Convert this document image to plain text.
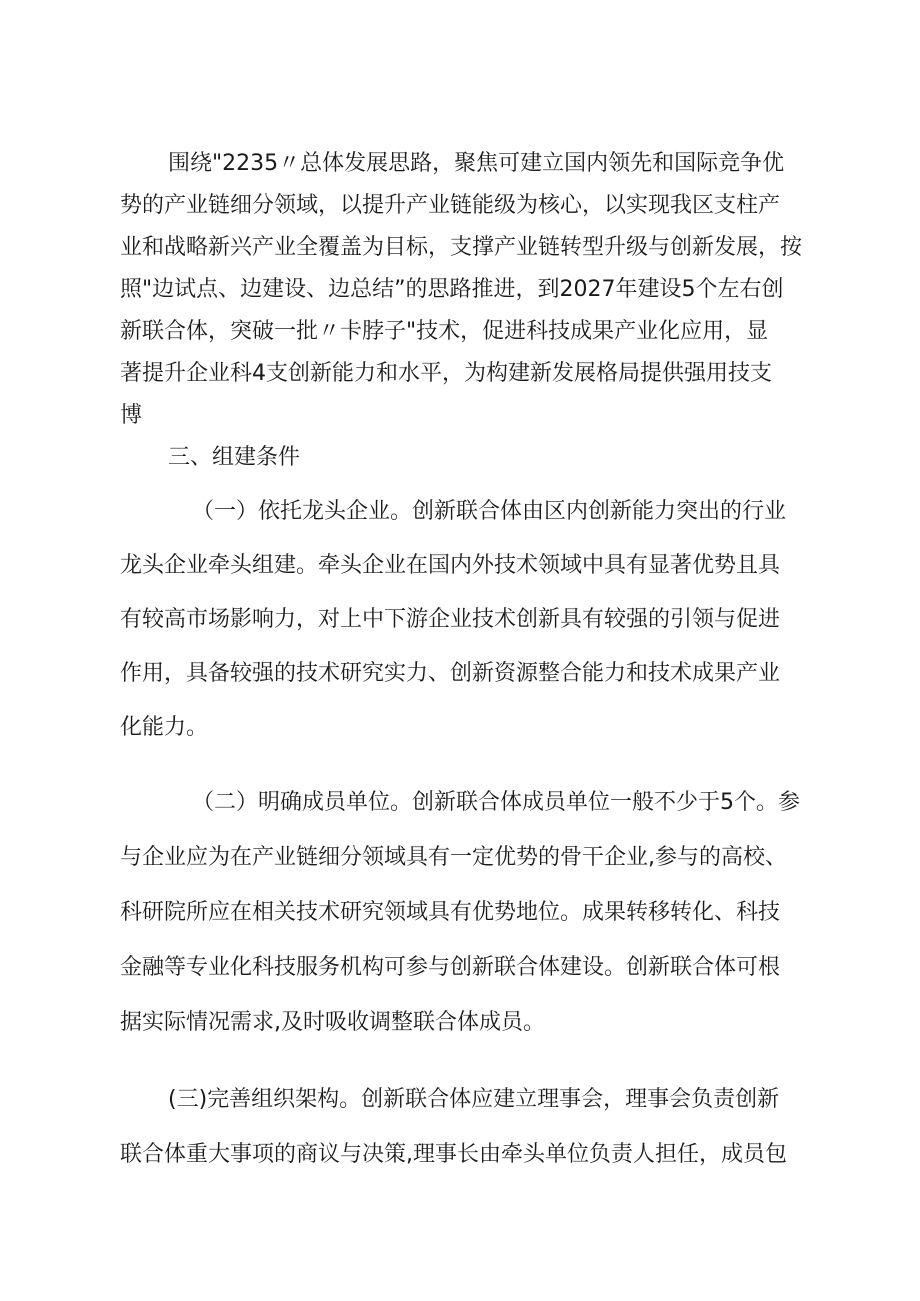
围绕"2235〃总体发展思路，聚焦可建立国内领先和国际竞争优
势的产业链细分领域，以提升产业链能级为核心，以实现我区支柱产
业和战略新兴产业全覆盖为目标，支撑产业链转型升级与创新发展，按
照"边试点、边建设、边总结”的思路推进，到2027年建设5个左右创
新联合体，突破一批〃卡脖子"技术，促进科技成果产业化应用，显
著提升企业科4支创新能力和水平，为构建新发展格局提供强用技支
博
三、组建条件
（一）依托龙头企业。创新联合体由区内创新能力突出的行业
龙头企业牵头组建。牵头企业在国内外技术领域中具有显著优势且具
有较高市场影响力，对上中下游企业技术创新具有较强的引领与促进
作用，具备较强的技术研究实力、创新资源整合能力和技术成果产业
化能力。
（二）明确成员单位。创新联合体成员单位一般不少于5个。参
与企业应为在产业链细分领域具有一定优势的骨干企业,参与的高校、
科研院所应在相关技术研究领域具有优势地位。成果转移转化、科技
金融等专业化科技服务机构可参与创新联合体建设。创新联合体可根
据实际情况需求,及时吸收调整联合体成员。
(三)完善组织架构。创新联合体应建立理事会，理事会负责创新
联合体重大事项的商议与决策,理事长由牵头单位负责人担任，成员包
